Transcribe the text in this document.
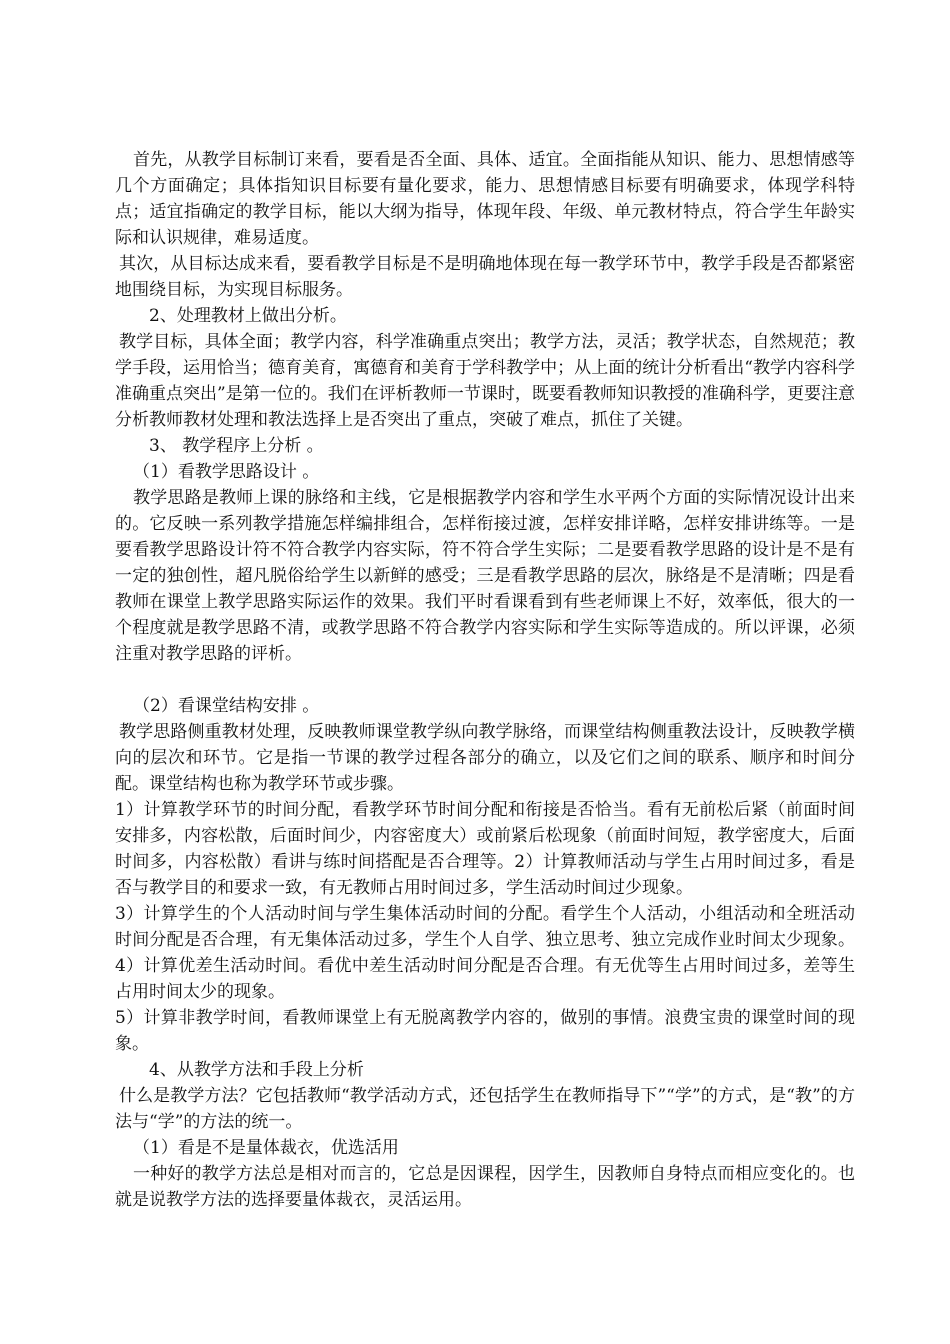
首先，从教学目标制订来看，要看是否全面、具体、适宜。全面指能从知识、能力、思想情感等几个方面确定；具体指知识目标要有量化要求，能力、思想情感目标要有明确要求，体现学科特点；适宜指确定的教学目标，能以大纲为指导，体现年段、年级、单元教材特点，符合学生年龄实际和认识规律，难易适度。

其次，从目标达成来看，要看教学目标是不是明确地体现在每一教学环节中，教学手段是否都紧密地围绕目标，为实现目标服务。

2、处理教材上做出分析。

教学目标，具体全面；教学内容，科学准确重点突出；教学方法，灵活；教学状态，自然规范；教学手段，运用恰当；德育美育，寓德育和美育于学科教学中；从上面的统计分析看出“教学内容科学准确重点突出”是第一位的。我们在评析教师一节课时，既要看教师知识教授的准确科学，更要注意分析教师教材处理和教法选择上是否突出了重点，突破了难点，抓住了关键。

3、 教学程序上分析 。

（1）看教学思路设计 。

教学思路是教师上课的脉络和主线，它是根据教学内容和学生水平两个方面的实际情况设计出来的。它反映一系列教学措施怎样编排组合，怎样衔接过渡，怎样安排详略，怎样安排讲练等。一是要看教学思路设计符不符合教学内容实际，符不符合学生实际；二是要看教学思路的设计是不是有一定的独创性，超凡脱俗给学生以新鲜的感受；三是看教学思路的层次，脉络是不是清晰；四是看教师在课堂上教学思路实际运作的效果。我们平时看课看到有些老师课上不好，效率低，很大的一个程度就是教学思路不清，或教学思路不符合教学内容实际和学生实际等造成的。所以评课，必须注重对教学思路的评析。

（2）看课堂结构安排 。

教学思路侧重教材处理，反映教师课堂教学纵向教学脉络，而课堂结构侧重教法设计，反映教学横向的层次和环节。它是指一节课的教学过程各部分的确立，以及它们之间的联系、顺序和时间分配。课堂结构也称为教学环节或步骤。

1）计算教学环节的时间分配，看教学环节时间分配和衔接是否恰当。看有无前松后紧（前面时间安排多，内容松散，后面时间少，内容密度大）或前紧后松现象（前面时间短，教学密度大，后面时间多，内容松散）看讲与练时间搭配是否合理等。2）计算教师活动与学生占用时间过多，看是否与教学目的和要求一致，有无教师占用时间过多，学生活动时间过少现象。

3）计算学生的个人活动时间与学生集体活动时间的分配。看学生个人活动，小组活动和全班活动时间分配是否合理，有无集体活动过多，学生个人自学、独立思考、独立完成作业时间太少现象。4）计算优差生活动时间。看优中差生活动时间分配是否合理。有无优等生占用时间过多，差等生占用时间太少的现象。

5）计算非教学时间，看教师课堂上有无脱离教学内容的，做别的事情。浪费宝贵的课堂时间的现象。

4、从教学方法和手段上分析

什么是教学方法？它包括教师“教学活动方式，还包括学生在教师指导下”“学”的方式，是“教”的方法与“学”的方法的统一。

（1）看是不是量体裁衣，优选活用

一种好的教学方法总是相对而言的，它总是因课程，因学生，因教师自身特点而相应变化的。也就是说教学方法的选择要量体裁衣，灵活运用。
